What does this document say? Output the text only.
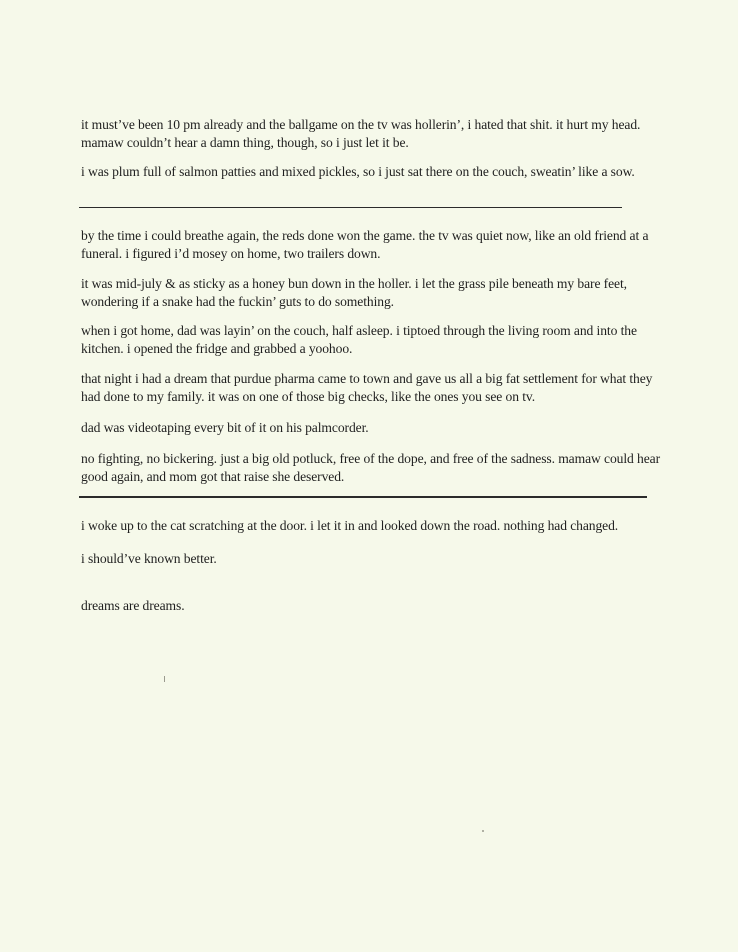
it must’ve been 10 pm already and the ballgame on the tv was hollerin’, i hated that shit. it hurt my head. mamaw couldn’t hear a damn thing, though, so i just let it be.

i was plum full of salmon patties and mixed pickles, so i just sat there on the couch, sweatin’ like a sow.

by the time i could breathe again, the reds done won the game. the tv was quiet now, like an old friend at a funeral. i figured i’d mosey on home, two trailers down.

it was mid-july & as sticky as a honey bun down in the holler. i let the grass pile beneath my bare feet, wondering if a snake had the fuckin’ guts to do something.

when i got home, dad was layin’ on the couch, half asleep. i tiptoed through the living room and into the kitchen. i opened the fridge and grabbed a yoohoo.

that night i had a dream that purdue pharma came to town and gave us all a big fat settlement for what they had done to my family. it was on one of those big checks, like the ones you see on tv.

dad was videotaping every bit of it on his palmcorder.

no fighting, no bickering. just a big old potluck, free of the dope, and free of the sadness. mamaw could hear good again, and mom got that raise she deserved.

i woke up to the cat scratching at the door. i let it in and looked down the road. nothing had changed.

i should’ve known better.

dreams are dreams.
